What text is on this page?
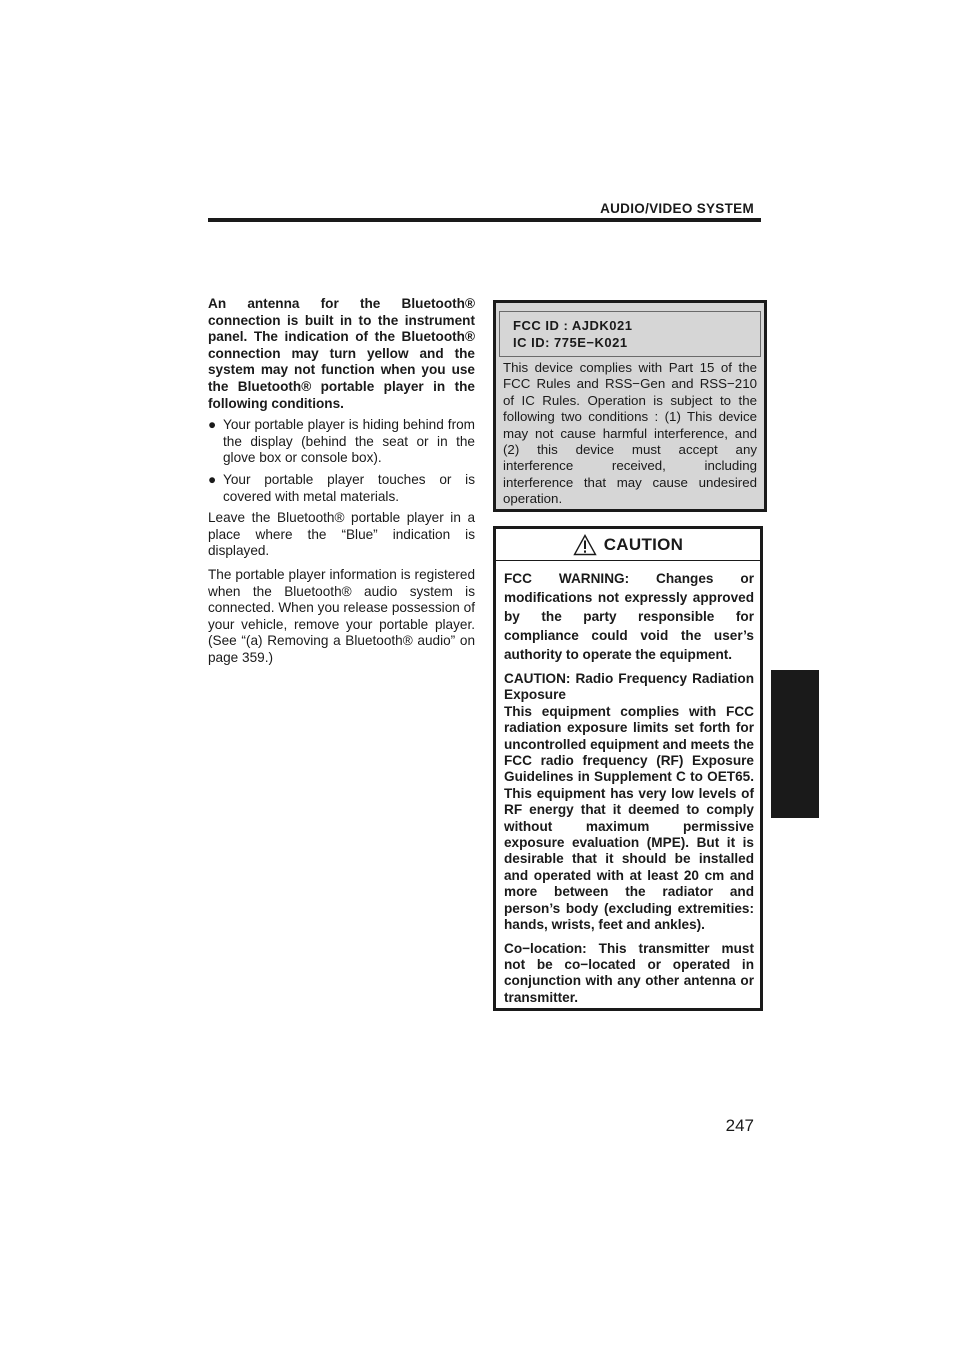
AUDIO/VIDEO SYSTEM

An antenna for the Bluetooth® connection is built in to the instrument panel. The indication of the Bluetooth® connection may turn yellow and the system may not function when you use the Bluetooth® portable player in the following conditions.

● Your portable player is hiding behind from the display (behind the seat or in the glove box or console box).
● Your portable player touches or is covered with metal materials.

Leave the Bluetooth® portable player in a place where the “Blue” indication is displayed.

The portable player information is registered when the Bluetooth® audio system is connected. When you release possession of your vehicle, remove your portable player. (See “(a) Removing a Bluetooth® audio” on page 359.)

FCC ID : AJDK021
IC ID: 775E−K021
This device complies with Part 15 of the FCC Rules and RSS−Gen and RSS−210 of IC Rules. Operation is subject to the following two conditions : (1) This device may not cause harmful interference, and (2) this device must accept any interference received, including interference that may cause undesired operation.
CAUTION

FCC WARNING: Changes or modifications not expressly approved by the party responsible for compliance could void the user’s authority to operate the equipment.

CAUTION: Radio Frequency Radiation Exposure
This equipment complies with FCC radiation exposure limits set forth for uncontrolled equipment and meets the FCC radio frequency (RF) Exposure Guidelines in Supplement C to OET65. This equipment has very low levels of RF energy that it deemed to comply without maximum permissive exposure evaluation (MPE). But it is desirable that it should be installed and operated with at least 20 cm and more between the radiator and person’s body (excluding extremities: hands, wrists, feet and ankles).

Co−location: This transmitter must not be co−located or operated in conjunction with any other antenna or transmitter.

247
